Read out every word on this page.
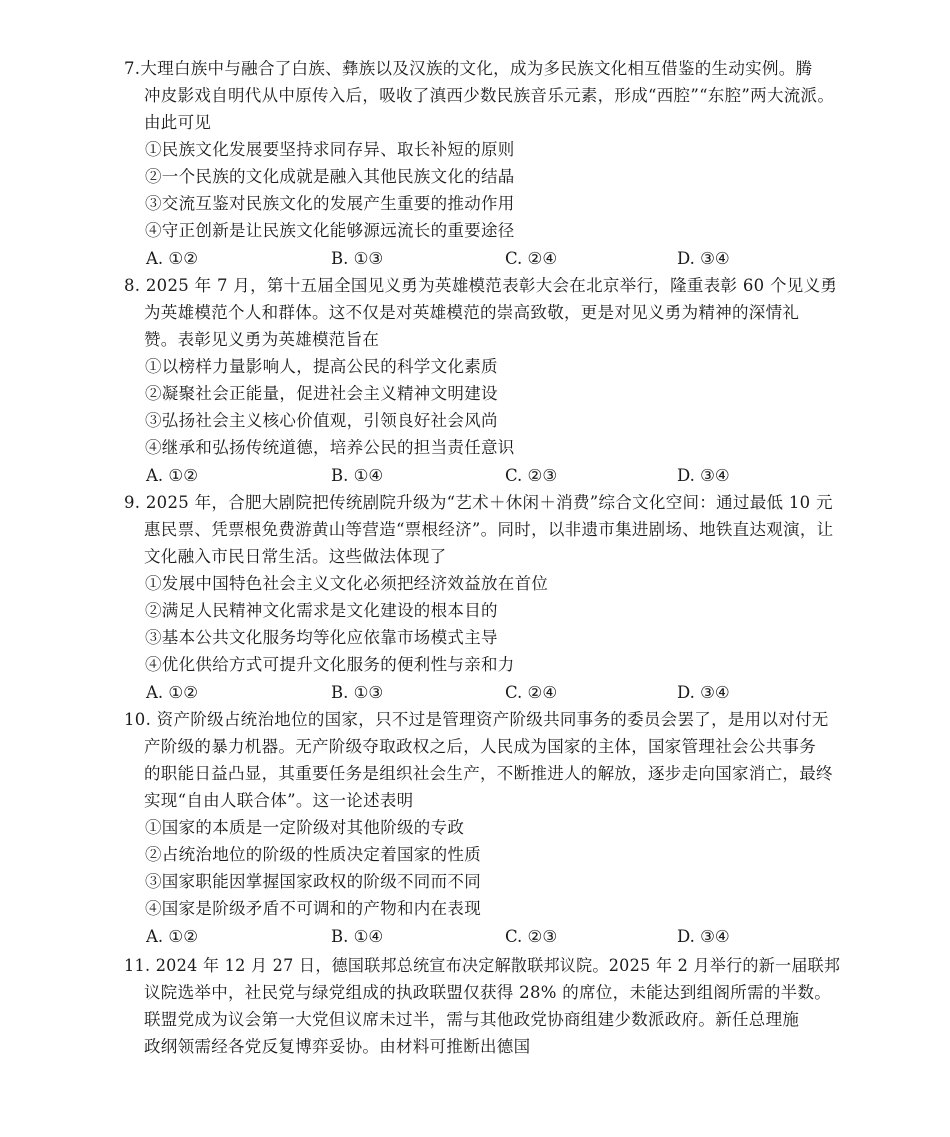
7.大理白族中与融合了白族、彝族以及汉族的文化，成为多民族文化相互借鉴的生动实例。腾
冲皮影戏自明代从中原传入后，吸收了滇西少数民族音乐元素，形成“西腔”“东腔”两大流派。
由此可见
①民族文化发展要坚持求同存异、取长补短的原则
②一个民族的文化成就是融入其他民族文化的结晶
③交流互鉴对民族文化的发展产生重要的推动作用
④守正创新是让民族文化能够源远流长的重要途径
A. ①②	B. ①③	C. ②④	D. ③④
8. 2025 年 7 月，第十五届全国见义勇为英雄模范表彰大会在北京举行，隆重表彰 60 个见义勇
为英雄模范个人和群体。这不仅是对英雄模范的崇高致敬，更是对见义勇为精神的深情礼
赞。表彰见义勇为英雄模范旨在
①以榜样力量影响人，提高公民的科学文化素质
②凝聚社会正能量，促进社会主义精神文明建设
③弘扬社会主义核心价值观，引领良好社会风尚
④继承和弘扬传统道德，培养公民的担当责任意识
A. ①②	B. ①④	C. ②③	D. ③④
9. 2025 年，合肥大剧院把传统剧院升级为“艺术＋休闲＋消费”综合文化空间：通过最低 10 元
惠民票、凭票根免费游黄山等营造“票根经济”。同时，以非遗市集进剧场、地铁直达观演，让
文化融入市民日常生活。这些做法体现了
①发展中国特色社会主义文化必须把经济效益放在首位
②满足人民精神文化需求是文化建设的根本目的
③基本公共文化服务均等化应依靠市场模式主导
④优化供给方式可提升文化服务的便利性与亲和力
A. ①②	B. ①③	C. ②④	D. ③④
10. 资产阶级占统治地位的国家，只不过是管理资产阶级共同事务的委员会罢了，是用以对付无
产阶级的暴力机器。无产阶级夺取政权之后，人民成为国家的主体，国家管理社会公共事务
的职能日益凸显，其重要任务是组织社会生产，不断推进人的解放，逐步走向国家消亡，最终
实现“自由人联合体”。这一论述表明
①国家的本质是一定阶级对其他阶级的专政
②占统治地位的阶级的性质决定着国家的性质
③国家职能因掌握国家政权的阶级不同而不同
④国家是阶级矛盾不可调和的产物和内在表现
A. ①②	B. ①④	C. ②③	D. ③④
11. 2024 年 12 月 27 日，德国联邦总统宣布决定解散联邦议院。2025 年 2 月举行的新一届联邦
议院选举中，社民党与绿党组成的执政联盟仅获得 28% 的席位，未能达到组阁所需的半数。
联盟党成为议会第一大党但议席未过半，需与其他政党协商组建少数派政府。新任总理施
政纲领需经各党反复博弈妥协。由材料可推断出德国
